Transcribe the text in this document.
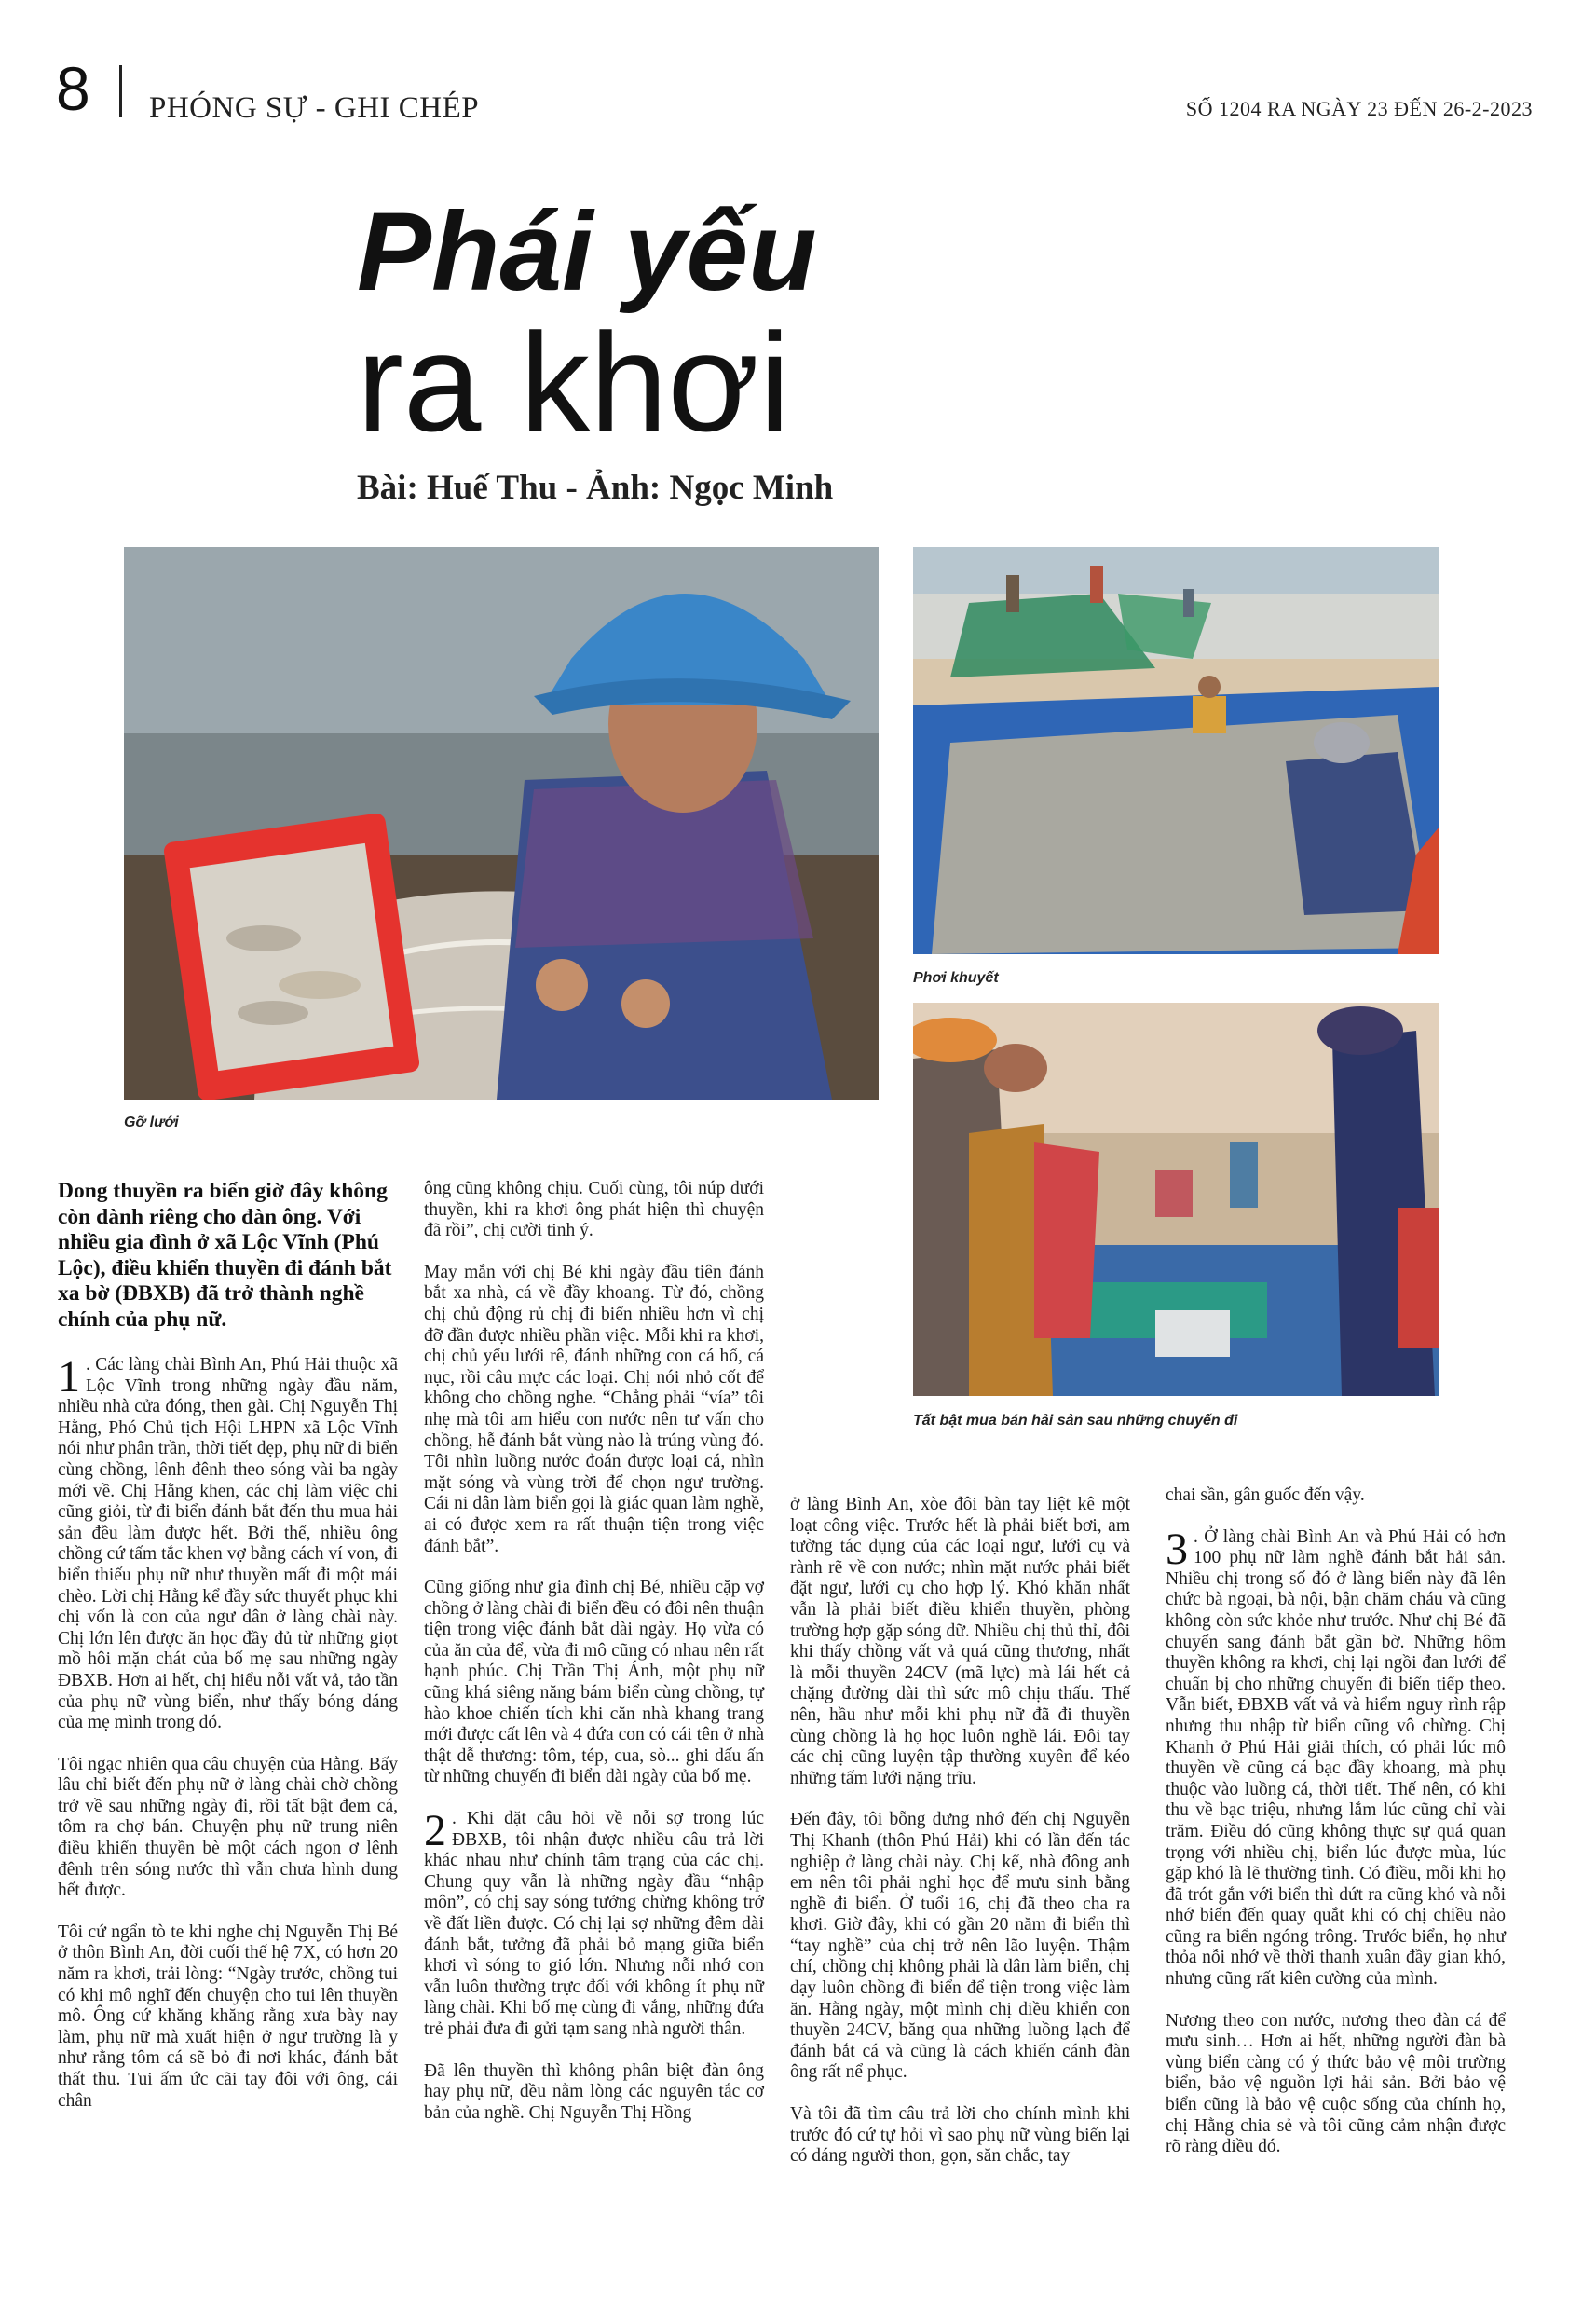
8 PHÓNG SỰ - GHI CHÉP	SỐ 1204 RA NGÀY 23 ĐẾN 26-2-2023
Phái yếu
ra khơi
Bài: Huế Thu - Ảnh: Ngọc Minh
Gỡ lưới
Phơi khuyết
Tất bật mua bán hải sản sau những chuyến đi

Dong thuyền ra biển giờ đây không còn dành riêng cho đàn ông. Với nhiều gia đình ở xã Lộc Vĩnh (Phú Lộc), điều khiển thuyền đi đánh bắt xa bờ (ĐBXB) đã trở thành nghề chính của phụ nữ.

1 . Các làng chài Bình An, Phú Hải thuộc xã Lộc Vĩnh trong những ngày đầu năm, nhiều nhà cửa đóng, then gài. Chị Nguyễn Thị Hằng, Phó Chủ tịch Hội LHPN xã Lộc Vĩnh nói như phân trần, thời tiết đẹp, phụ nữ đi biển cùng chồng, lênh đênh theo sóng vài ba ngày mới về. Chị Hằng khen, các chị làm việc chi cũng giỏi, từ đi biển đánh bắt đến thu mua hải sản đều làm được hết. Bởi thế, nhiều ông chồng cứ tấm tắc khen vợ bằng cách ví von, đi biển thiếu phụ nữ như thuyền mất đi một mái chèo. Lời chị Hằng kể đầy sức thuyết phục khi chị vốn là con của ngư dân ở làng chài này. Chị lớn lên được ăn học đầy đủ từ những giọt mồ hôi mặn chát của bố mẹ sau những ngày ĐBXB. Hơn ai hết, chị hiểu nỗi vất vả, tảo tần của phụ nữ vùng biển, như thấy bóng dáng của mẹ mình trong đó.

Tôi ngạc nhiên qua câu chuyện của Hằng. Bấy lâu chỉ biết đến phụ nữ ở làng chài chờ chồng trở về sau những ngày đi, rồi tất bật đem cá, tôm ra chợ bán. Chuyện phụ nữ trung niên điều khiển thuyền bè một cách ngon ơ lênh đênh trên sóng nước thì vẫn chưa hình dung hết được.

Tôi cứ ngẩn tò te khi nghe chị Nguyễn Thị Bé ở thôn Bình An, đời cuối thế hệ 7X, có hơn 20 năm ra khơi, trải lòng: “Ngày trước, chồng tui có khi mô nghĩ đến chuyện cho tui lên thuyền mô. Ông cứ khăng khăng rằng xưa bày nay làm, phụ nữ mà xuất hiện ở ngư trường là y như rằng tôm cá sẽ bỏ đi nơi khác, đánh bắt thất thu. Tui ấm ức cãi tay đôi với ông, cái chân

ông cũng không chịu. Cuối cùng, tôi núp dưới thuyền, khi ra khơi ông phát hiện thì chuyện đã rồi”, chị cười tinh ý.

May mắn với chị Bé khi ngày đầu tiên đánh bắt xa nhà, cá về đầy khoang. Từ đó, chồng chị chủ động rủ chị đi biển nhiều hơn vì chị đỡ đần được nhiều phần việc. Mỗi khi ra khơi, chị chủ yếu lưới rê, đánh những con cá hố, cá nục, rồi câu mực các loại. Chị nói nhỏ cốt để không cho chồng nghe. “Chẳng phải “vía” tôi nhẹ mà tôi am hiểu con nước nên tư vấn cho chồng, hễ đánh bắt vùng nào là trúng vùng đó. Tôi nhìn luồng nước đoán được loại cá, nhìn mặt sóng và vùng trời để chọn ngư trường. Cái ni dân làm biển gọi là giác quan làm nghề, ai có được xem ra rất thuận tiện trong việc đánh bắt”.

Cũng giống như gia đình chị Bé, nhiều cặp vợ chồng ở làng chài đi biển đều có đôi nên thuận tiện trong việc đánh bắt dài ngày. Họ vừa có của ăn của để, vừa đi mô cũng có nhau nên rất hạnh phúc. Chị Trần Thị Ánh, một phụ nữ cũng khá siêng năng bám biển cùng chồng, tự hào khoe chiến tích khi căn nhà khang trang mới được cất lên và 4 đứa con có cái tên ở nhà thật dễ thương: tôm, tép, cua, sò... ghi dấu ấn từ những chuyến đi biển dài ngày của bố mẹ.

2 . Khi đặt câu hỏi về nỗi sợ trong lúc ĐBXB, tôi nhận được nhiều câu trả lời khác nhau như chính tâm trạng của các chị. Chung quy vẫn là những ngày đầu “nhập môn”, có chị say sóng tưởng chừng không trở về đất liền được. Có chị lại sợ những đêm dài đánh bắt, tưởng đã phải bỏ mạng giữa biển khơi vì sóng to gió lớn. Nhưng nỗi nhớ con vẫn luôn thường trực đối với không ít phụ nữ làng chài. Khi bố mẹ cùng đi vắng, những đứa trẻ phải đưa đi gửi tạm sang nhà người thân.

Đã lên thuyền thì không phân biệt đàn ông hay phụ nữ, đều nằm lòng các nguyên tắc cơ bản của nghề. Chị Nguyễn Thị Hồng

ở làng Bình An, xòe đôi bàn tay liệt kê một loạt công việc. Trước hết là phải biết bơi, am tường tác dụng của các loại ngư, lưới cụ và rành rẽ về con nước; nhìn mặt nước phải biết đặt ngư, lưới cụ cho hợp lý. Khó khăn nhất vẫn là phải biết điều khiển thuyền, phòng trường hợp gặp sóng dữ. Nhiều chị thủ thỉ, đôi khi thấy chồng vất vả quá cũng thương, nhất là mỗi thuyền 24CV (mã lực) mà lái hết cả chặng đường dài thì sức mô chịu thấu. Thế nên, hầu như mỗi khi phụ nữ đã đi thuyền cùng chồng là họ học luôn nghề lái. Đôi tay các chị cũng luyện tập thường xuyên để kéo những tấm lưới nặng trĩu.

Đến đây, tôi bỗng dưng nhớ đến chị Nguyễn Thị Khanh (thôn Phú Hải) khi có lần đến tác nghiệp ở làng chài này. Chị kể, nhà đông anh em nên tôi phải nghỉ học để mưu sinh bằng nghề đi biển. Ở tuổi 16, chị đã theo cha ra khơi. Giờ đây, khi có gần 20 năm đi biển thì “tay nghề” của chị trở nên lão luyện. Thậm chí, chồng chị không phải là dân làm biển, chị dạy luôn chồng đi biển để tiện trong việc làm ăn. Hằng ngày, một mình chị điều khiển con thuyền 24CV, băng qua những luồng lạch để đánh bắt cá và cũng là cách khiến cánh đàn ông rất nể phục.

Và tôi đã tìm câu trả lời cho chính mình khi trước đó cứ tự hỏi vì sao phụ nữ vùng biển lại có dáng người thon, gọn, săn chắc, tay

chai sần, gân guốc đến vậy.

3 . Ở làng chài Bình An và Phú Hải có hơn 100 phụ nữ làm nghề đánh bắt hải sản. Nhiều chị trong số đó ở làng biển này đã lên chức bà ngoại, bà nội, bận chăm cháu và cũng không còn sức khỏe như trước. Như chị Bé đã chuyển sang đánh bắt gần bờ. Những hôm thuyền không ra khơi, chị lại ngồi đan lưới để chuẩn bị cho những chuyến đi biển tiếp theo. Vẫn biết, ĐBXB vất vả và hiểm nguy rình rập nhưng thu nhập từ biển cũng vô chừng. Chị Khanh ở Phú Hải giải thích, có phải lúc mô thuyền về cũng cá bạc đầy khoang, mà phụ thuộc vào luồng cá, thời tiết. Thế nên, có khi thu về bạc triệu, nhưng lắm lúc cũng chỉ vài trăm. Điều đó cũng không thực sự quá quan trọng với nhiều chị, biển lúc được mùa, lúc gặp khó là lẽ thường tình. Có điều, mỗi khi họ đã trót gắn với biển thì dứt ra cũng khó và nỗi nhớ biển đến quay quắt khi có chị chiều nào cũng ra biển ngóng trông. Trước biển, họ như thỏa nỗi nhớ về thời thanh xuân đầy gian khó, nhưng cũng rất kiên cường của mình.

Nương theo con nước, nương theo đàn cá để mưu sinh… Hơn ai hết, những người đàn bà vùng biển càng có ý thức bảo vệ môi trường biển, bảo vệ nguồn lợi hải sản. Bởi bảo vệ biển cũng là bảo vệ cuộc sống của chính họ, chị Hằng chia sẻ và tôi cũng cảm nhận được rõ ràng điều đó.
